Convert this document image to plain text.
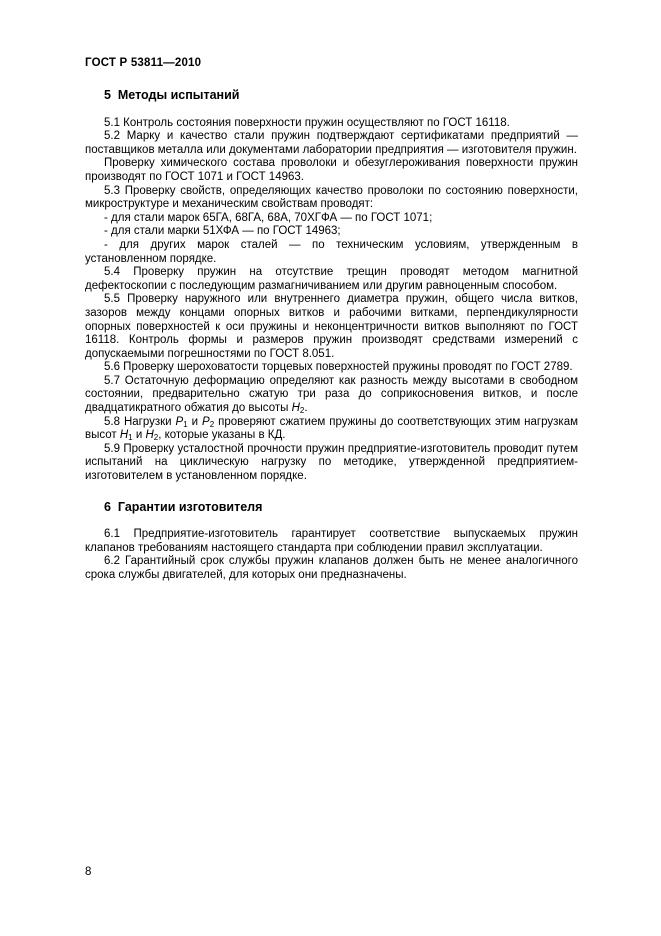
ГОСТ Р 53811—2010
5  Методы испытаний

5.1 Контроль состояния поверхности пружин осуществляют по ГОСТ 16118.

5.2 Марку и качество стали пружин подтверждают сертификатами предприятий — поставщиков металла или документами лаборатории предприятия — изготовителя пружин.

Проверку химического состава проволоки и обезуглероживания поверхности пружин производят по ГОСТ 1071 и ГОСТ 14963.

5.3 Проверку свойств, определяющих качество проволоки по состоянию поверхности, микроструктуре и механическим свойствам проводят:

- для стали марок 65ГА, 68ГА, 68А, 70ХГФА — по ГОСТ 1071;

- для стали марки 51ХФА — по ГОСТ 14963;

- для других марок сталей — по техническим условиям, утвержденным в установленном порядке.

5.4 Проверку пружин на отсутствие трещин проводят методом магнитной дефектоскопии с последующим размагничиванием или другим равноценным способом.

5.5 Проверку наружного или внутреннего диаметра пружин, общего числа витков, зазоров между концами опорных витков и рабочими витками, перпендикулярности опорных поверхностей к оси пружины и неконцентричности витков выполняют по ГОСТ 16118. Контроль формы и размеров пружин производят средствами измерений с допускаемыми погрешностями по ГОСТ 8.051.

5.6 Проверку шероховатости торцевых поверхностей пружины проводят по ГОСТ 2789.

5.7 Остаточную деформацию определяют как разность между высотами в свободном состоянии, предварительно сжатую три раза до соприкосновения витков, и после двадцатикратного обжатия до высоты $H_2$.

5.8 Нагрузки $P_1$ и $P_2$ проверяют сжатием пружины до соответствующих этим нагрузкам высот $H_1$ и $H_2$, которые указаны в КД.

5.9 Проверку усталостной прочности пружин предприятие-изготовитель проводит путем испытаний на циклическую нагрузку по методике, утвержденной предприятием-изготовителем в установленном порядке.

6  Гарантии изготовителя

6.1 Предприятие-изготовитель гарантирует соответствие выпускаемых пружин клапанов требованиям настоящего стандарта при соблюдении правил эксплуатации.

6.2 Гарантийный срок службы пружин клапанов должен быть не менее аналогичного срока службы двигателей, для которых они предназначены.

8
